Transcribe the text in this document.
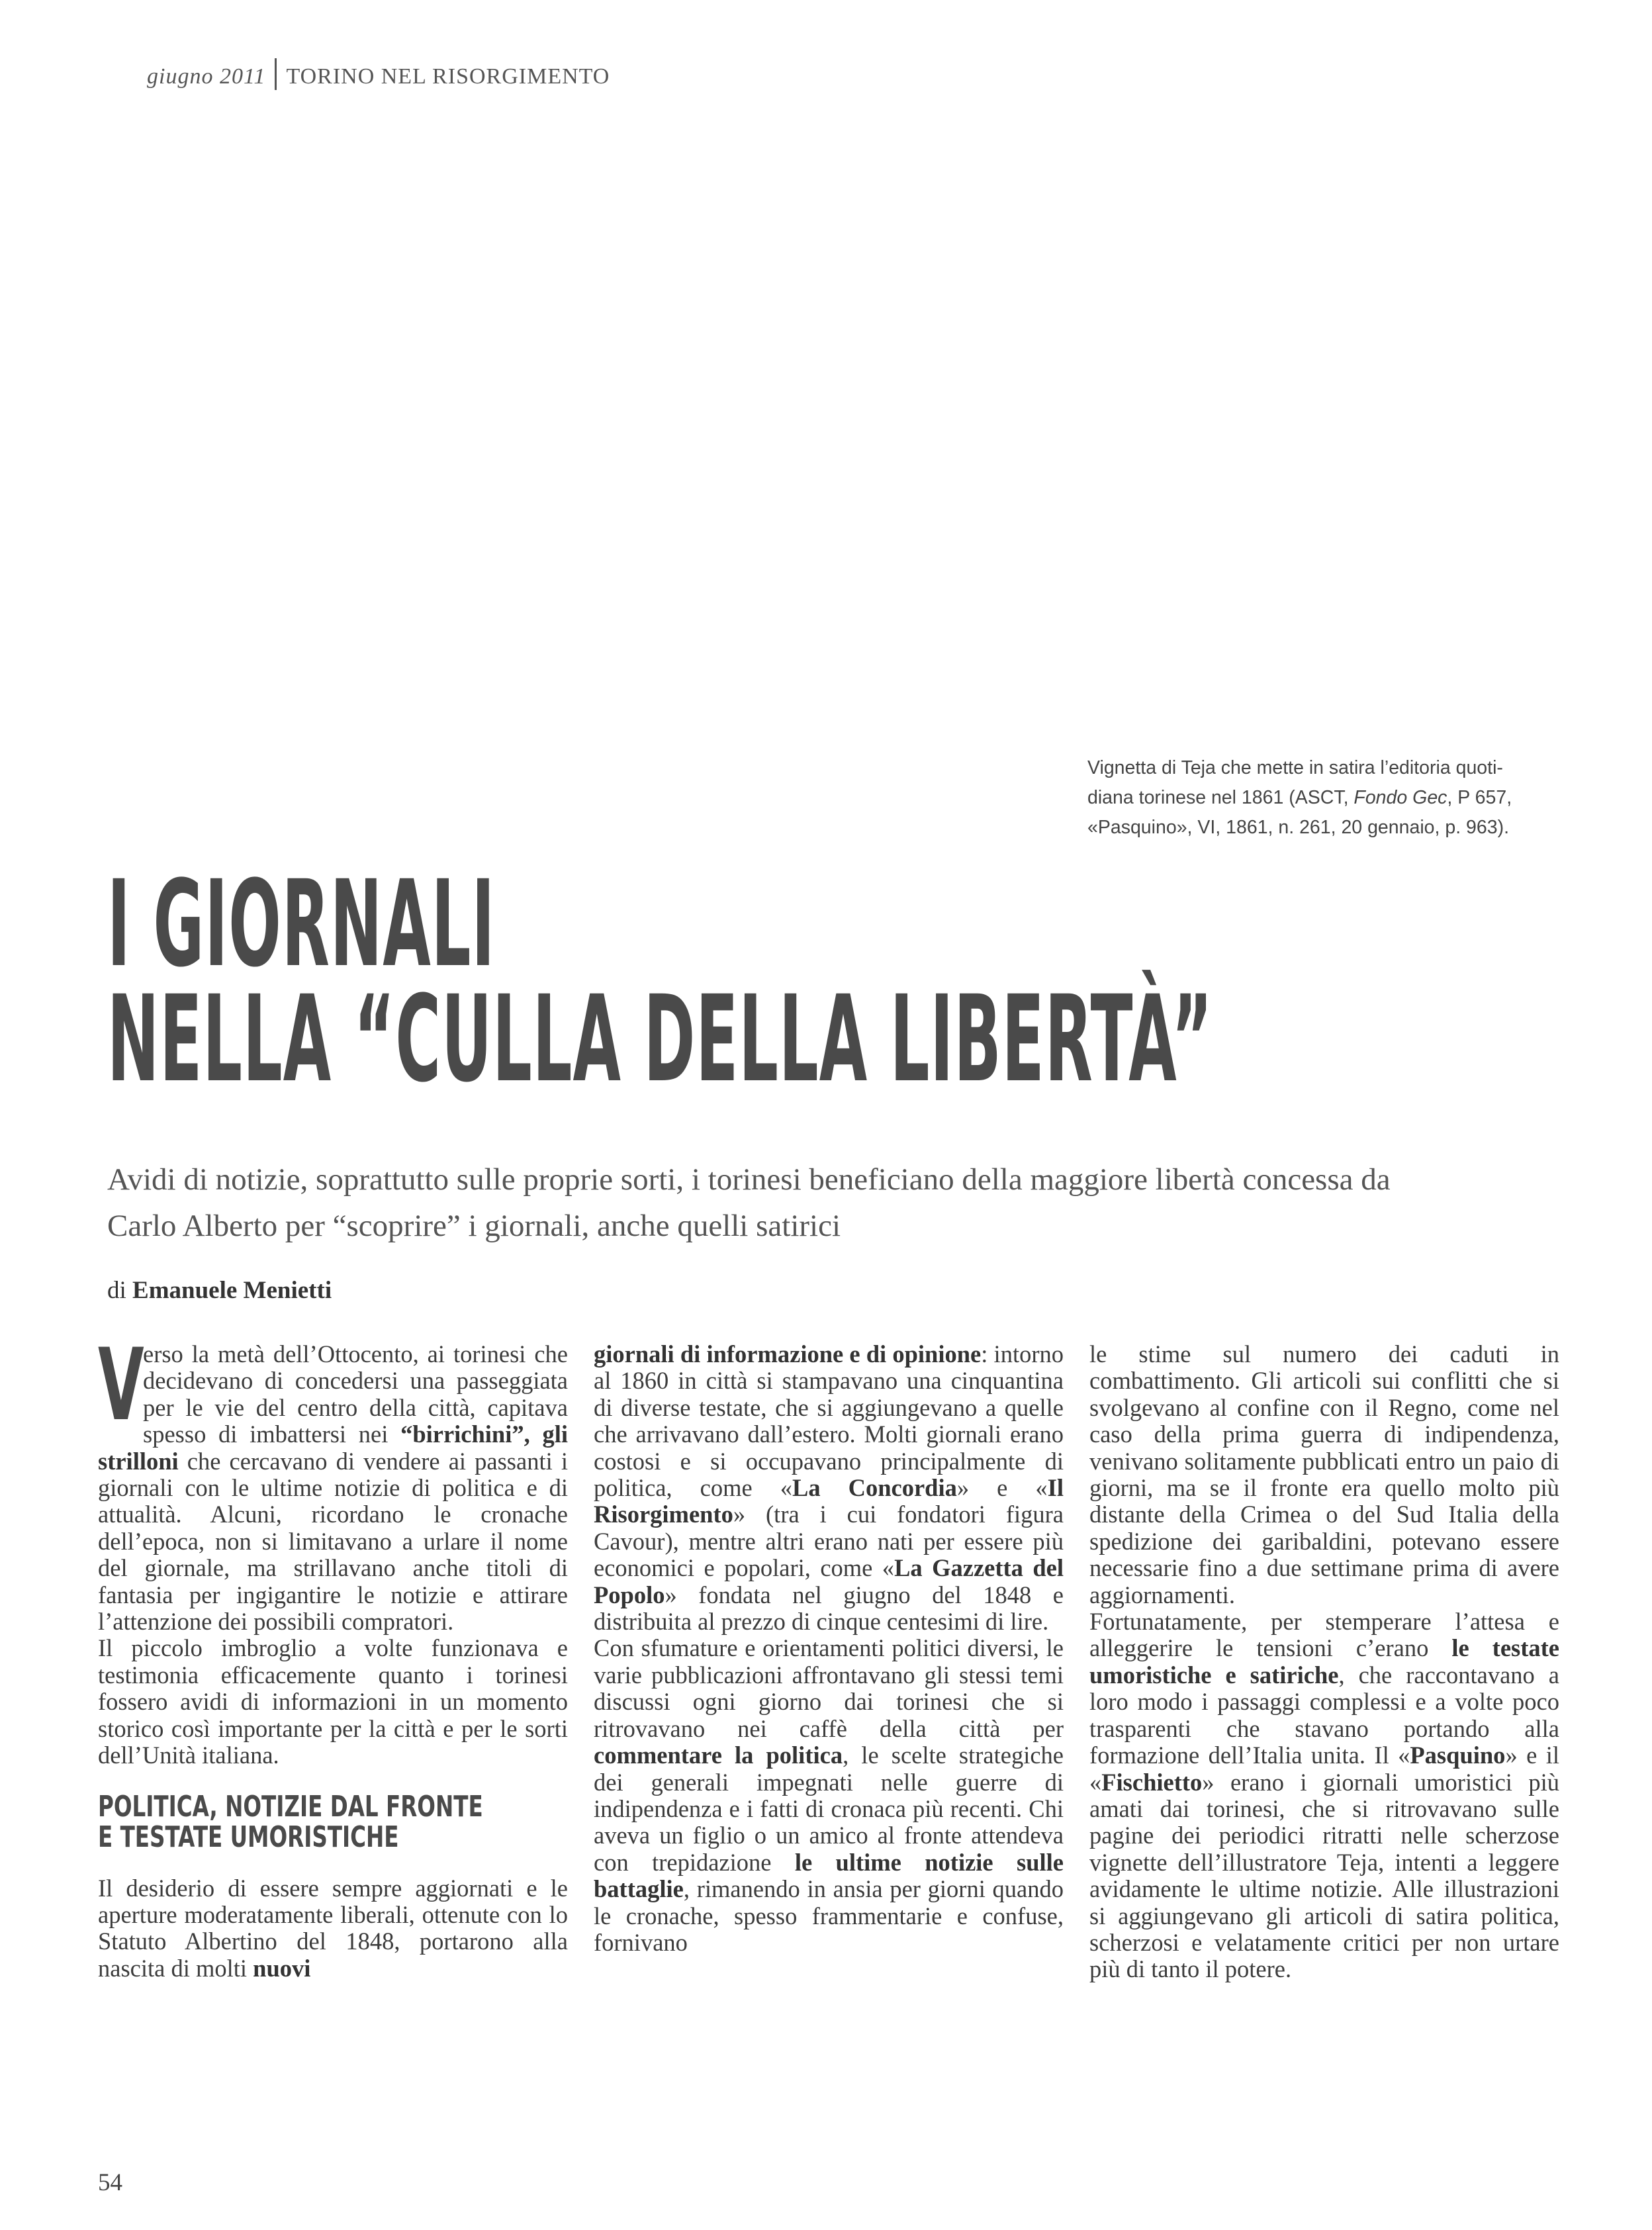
giugno 2011 TORINO NEL RISORGIMENTO
Vignetta di Teja che mette in satira l’editoria quoti-
diana torinese nel 1861 (ASCT, Fondo Gec, P 657,
«Pasquino», VI, 1861, n. 261, 20 gennaio, p. 963).
I GIORNALI
NELLA “CULLA DELLA LIBERTÀ”
Avidi di notizie, soprattutto sulle proprie sorti, i torinesi beneficiano della maggiore libertà concessa da
Carlo Alberto per “scoprire” i giornali, anche quelli satirici
di Emanuele Menietti

V
erso la metà dell’Ottocento, ai torinesi che decidevano di concedersi una passeggiata per le vie del centro della città, capitava spesso di imbattersi nei “birrichini”, gli strilloni che cercavano di vendere ai passanti i giornali con le ultime notizie di politica e di attualità. Alcuni, ricordano le cronache dell’epoca, non si limitavano a urlare il nome del giornale, ma strillavano anche titoli di fantasia per ingigantire le notizie e attirare l’attenzione dei possibili compratori.

Il piccolo imbroglio a volte funzionava e testimonia efficacemente quanto i torinesi fossero avidi di informazioni in un momento storico così importante per la città e per le sorti dell’Unità italiana.

POLITICA, NOTIZIE DAL FRONTE
E TESTATE UMORISTICHE

Il desiderio di essere sempre aggiornati e le aperture moderatamente liberali, ottenute con lo Statuto Albertino del 1848, portarono alla nascita di molti nuovi

giornali di informazione e di opinione: intorno al 1860 in città si stampavano una cinquantina di diverse testate, che si aggiungevano a quelle che arrivavano dall’estero. Molti giornali erano costosi e si occupavano principalmente di politica, come «La Concordia» e «Il Risorgimento» (tra i cui fondatori figura Cavour), mentre altri erano nati per essere più economici e popolari, come «La Gazzetta del Popolo» fondata nel giugno del 1848 e distribuita al prezzo di cinque centesimi di lire.

Con sfumature e orientamenti politici diversi, le varie pubblicazioni affrontavano gli stessi temi discussi ogni giorno dai torinesi che si ritrovavano nei caffè della città per commentare la politica, le scelte strategiche dei generali impegnati nelle guerre di indipendenza e i fatti di cronaca più recenti. Chi aveva un figlio o un amico al fronte attendeva con trepidazione le ultime notizie sulle battaglie, rimanendo in ansia per giorni quando le cronache, spesso frammentarie e confuse, fornivano

le stime sul numero dei caduti in combattimento. Gli articoli sui conflitti che si svolgevano al confine con il Regno, come nel caso della prima guerra di indipendenza, venivano solitamente pubblicati entro un paio di giorni, ma se il fronte era quello molto più distante della Crimea o del Sud Italia della spedizione dei garibaldini, potevano essere necessarie fino a due settimane prima di avere aggiornamenti.

Fortunatamente, per stemperare l’attesa e alleggerire le tensioni c’erano le testate umoristiche e satiriche, che raccontavano a loro modo i passaggi complessi e a volte poco trasparenti che stavano portando alla formazione dell’Italia unita. Il «Pasquino» e il «Fischietto» erano i giornali umoristici più amati dai torinesi, che si ritrovavano sulle pagine dei periodici ritratti nelle scherzose vignette dell’illustratore Teja, intenti a leggere avidamente le ultime notizie. Alle illustrazioni si aggiungevano gli articoli di satira politica, scherzosi e velatamente critici per non urtare più di tanto il potere.

54
